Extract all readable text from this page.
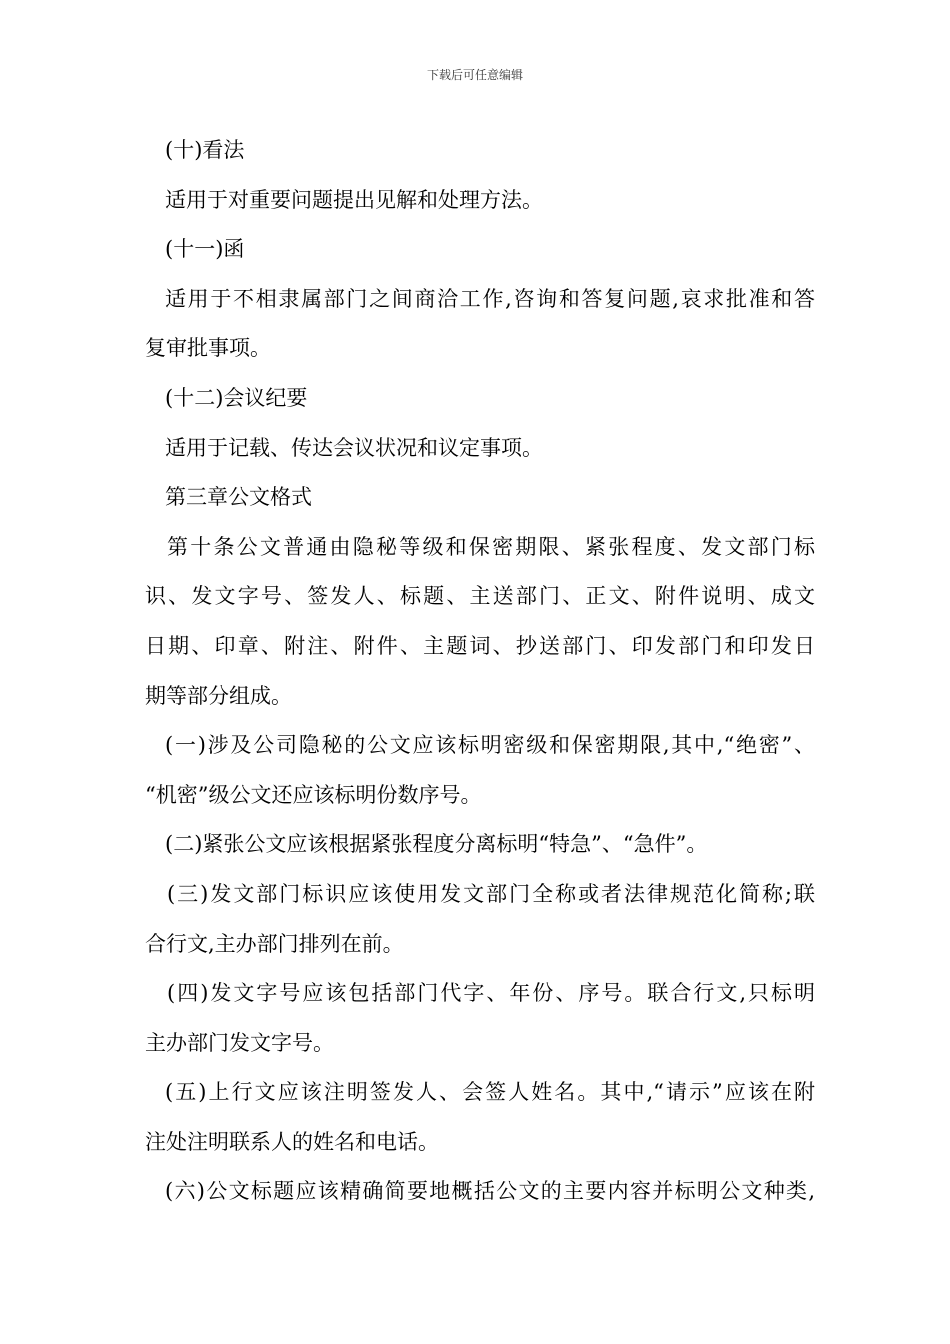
下载后可任意编辑
(十)看法
适用于对重要问题提出见解和处理方法。
(十一)函
适用于不相隶属部门之间商洽工作,咨询和答复问题,哀求批准和答
复审批事项。
(十二)会议纪要
适用于记载、传达会议状况和议定事项。
第三章公文格式
第十条公文普通由隐秘等级和保密期限、紧张程度、发文部门标
识、发文字号、签发人、标题、主送部门、正文、附件说明、成文
日期、印章、附注、附件、主题词、抄送部门、印发部门和印发日
期等部分组成。
(一)涉及公司隐秘的公文应该标明密级和保密期限,其中,“绝密”、
“机密”级公文还应该标明份数序号。
(二)紧张公文应该根据紧张程度分离标明“特急”、“急件”。
(三)发文部门标识应该使用发文部门全称或者法律规范化简称;联
合行文,主办部门排列在前。
(四)发文字号应该包括部门代字、年份、序号。联合行文,只标明
主办部门发文字号。
(五)上行文应该注明签发人、会签人姓名。其中,“请示”应该在附
注处注明联系人的姓名和电话。
(六)公文标题应该精确简要地概括公文的主要内容并标明公文种类,
